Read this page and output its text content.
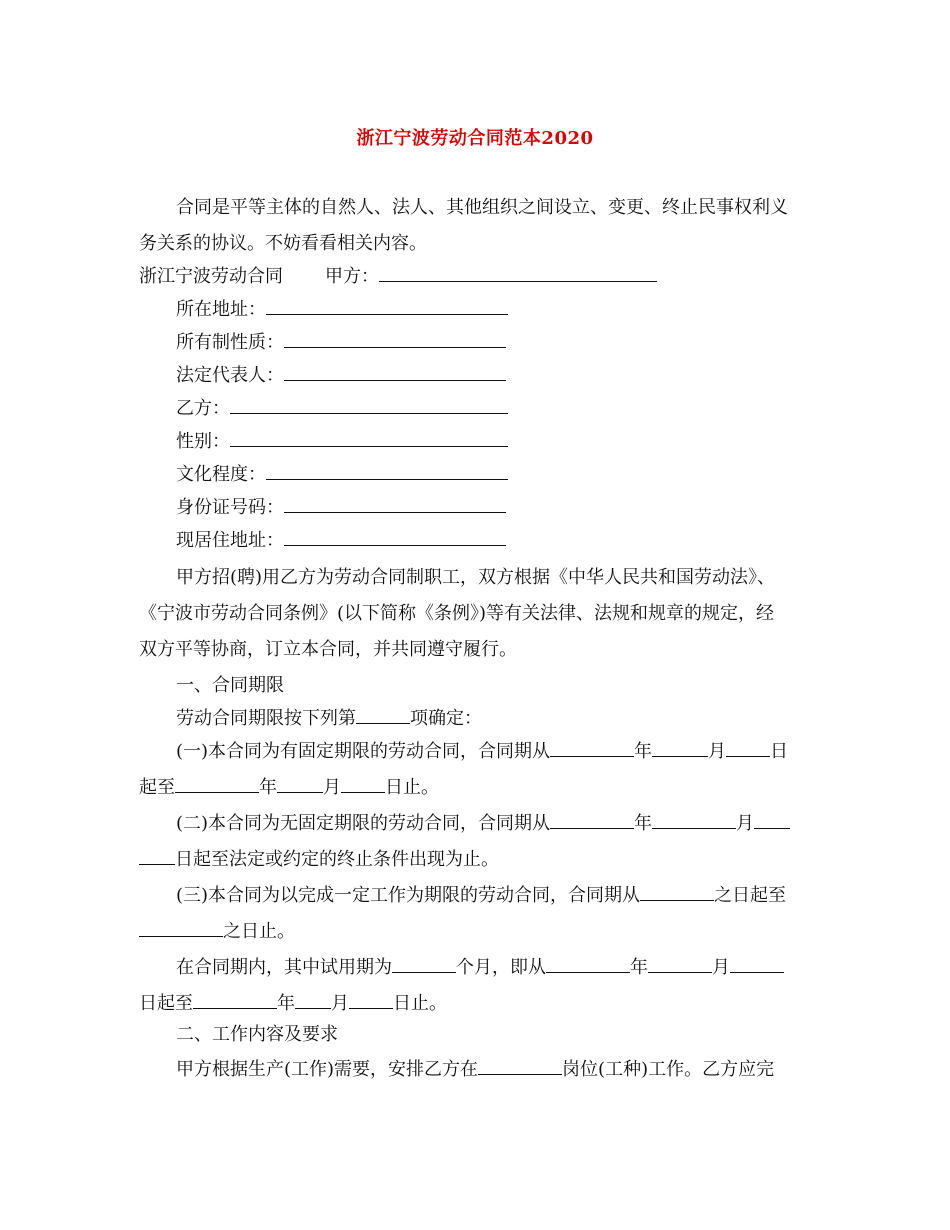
浙江宁波劳动合同范本2020
合同是平等主体的自然人、法人、其他组织之间设立、变更、终止民事权利义
务关系的协议。不妨看看相关内容。
浙江宁波劳动合同 甲方：
所在地址：
所有制性质：
法定代表人：
乙方：
性别：
文化程度：
身份证号码：
现居住地址：
甲方招(聘)用乙方为劳动合同制职工，双方根据《中华人民共和国劳动法》、
《宁波市劳动合同条例》(以下简称《条例》)等有关法律、法规和规章的规定，经
双方平等协商，订立本合同，并共同遵守履行。
一、合同期限
劳动合同期限按下列第	项确定：
(一)本合同为有固定期限的劳动合同，合同期从	年	月 日
起至	年	月 日止。
(二)本合同为无固定期限的劳动合同，合同期从	年	月
日起至法定或约定的终止条件出现为止。
(三)本合同为以完成一定工作为期限的劳动合同，合同期从	之日起至
之日止。
在合同期内，其中试用期为	个月，即从	年	月
日起至	年 月 日止。
二、工作内容及要求
甲方根据生产(工作)需要，安排乙方在	岗位(工种)工作。乙方应完
